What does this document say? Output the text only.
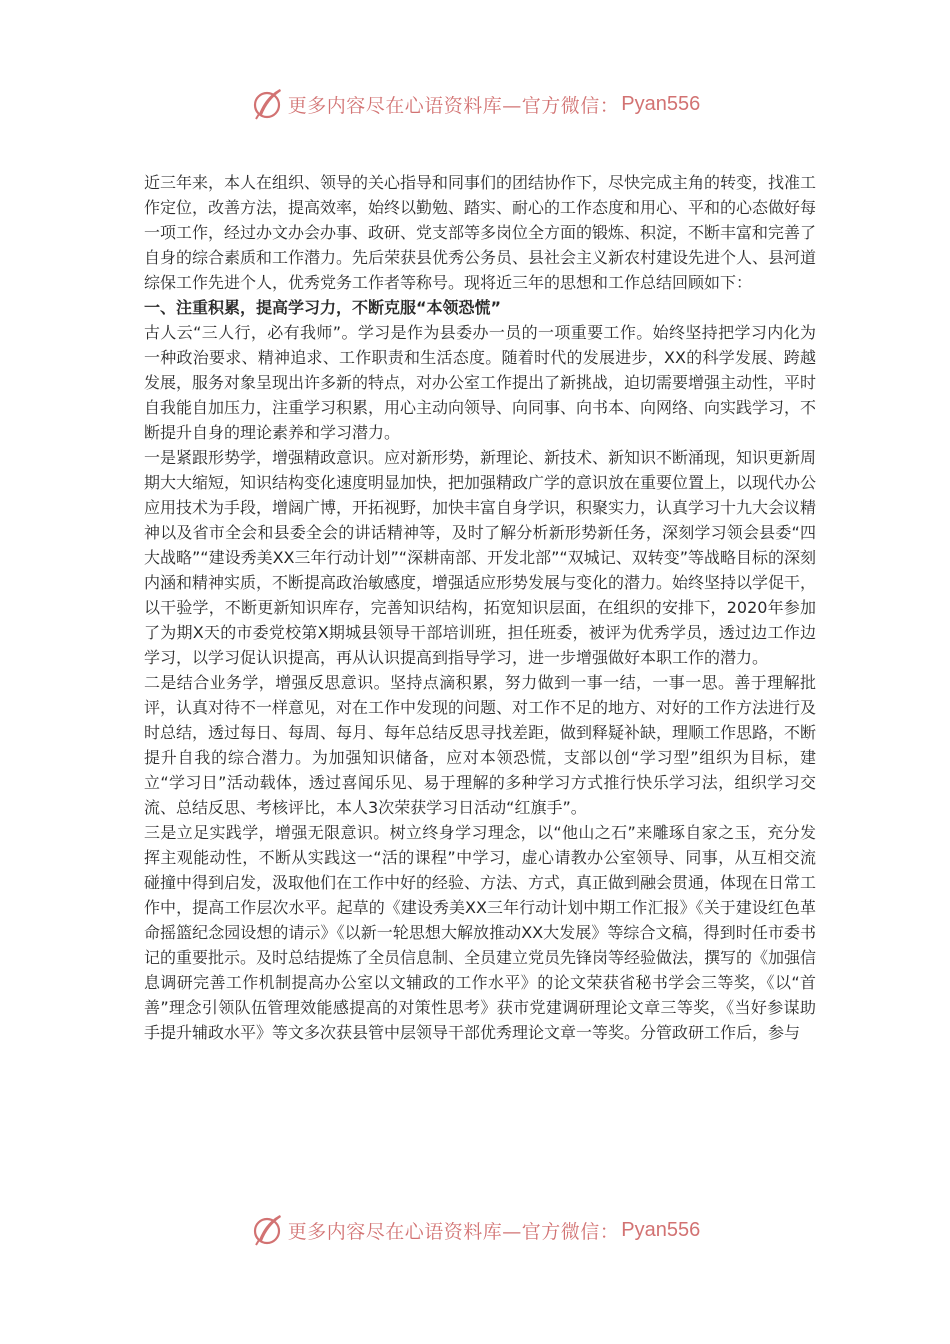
更多内容尽在心语资料库—官方微信： Pyan556

近三年来，本人在组织、领导的关心指导和同事们的团结协作下，尽快完成主角的转变，找准工作定位，改善方法，提高效率，始终以勤勉、踏实、耐心的工作态度和用心、平和的心态做好每一项工作，经过办文办会办事、政研、党支部等多岗位全方面的锻炼、积淀，不断丰富和完善了自身的综合素质和工作潜力。先后荣获县优秀公务员、县社会主义新农村建设先进个人、县河道综保工作先进个人，优秀党务工作者等称号。现将近三年的思想和工作总结回顾如下：

一、注重积累，提高学习力，不断克服“本领恐慌”

古人云“三人行，必有我师”。学习是作为县委办一员的一项重要工作。始终坚持把学习内化为一种政治要求、精神追求、工作职责和生活态度。随着时代的发展进步，XX的科学发展、跨越发展，服务对象呈现出许多新的特点，对办公室工作提出了新挑战，迫切需要增强主动性，平时自我能自加压力，注重学习积累，用心主动向领导、向同事、向书本、向网络、向实践学习，不断提升自身的理论素养和学习潜力。

一是紧跟形势学，增强精政意识。应对新形势，新理论、新技术、新知识不断涌现，知识更新周期大大缩短，知识结构变化速度明显加快，把加强精政广学的意识放在重要位置上，以现代办公应用技术为手段，增阔广博，开拓视野，加快丰富自身学识，积聚实力，认真学习十九大会议精神以及省市全会和县委全会的讲话精神等，及时了解分析新形势新任务，深刻学习领会县委“四大战略”“建设秀美XX三年行动计划”“深耕南部、开发北部”“双城记、双转变”等战略目标的深刻内涵和精神实质，不断提高政治敏感度，增强适应形势发展与变化的潜力。始终坚持以学促干，以干验学，不断更新知识库存，完善知识结构，拓宽知识层面，在组织的安排下，2020年参加了为期X天的市委党校第X期城县领导干部培训班，担任班委，被评为优秀学员，透过边工作边学习，以学习促认识提高，再从认识提高到指导学习，进一步增强做好本职工作的潜力。

二是结合业务学，增强反思意识。坚持点滴积累，努力做到一事一结，一事一思。善于理解批评，认真对待不一样意见，对在工作中发现的问题、对工作不足的地方、对好的工作方法进行及时总结，透过每日、每周、每月、每年总结反思寻找差距，做到释疑补缺，理顺工作思路，不断提升自我的综合潜力。为加强知识储备，应对本领恐慌，支部以创“学习型”组织为目标，建立“学习日”活动载体，透过喜闻乐见、易于理解的多种学习方式推行快乐学习法，组织学习交流、总结反思、考核评比，本人3次荣获学习日活动“红旗手”。

三是立足实践学，增强无限意识。树立终身学习理念，以“他山之石”来雕琢自家之玉，充分发挥主观能动性，不断从实践这一“活的课程”中学习，虚心请教办公室领导、同事，从互相交流碰撞中得到启发，汲取他们在工作中好的经验、方法、方式，真正做到融会贯通，体现在日常工作中，提高工作层次水平。起草的《建设秀美XX三年行动计划中期工作汇报》《关于建设红色革命摇篮纪念园设想的请示》《以新一轮思想大解放推动XX大发展》等综合文稿，得到时任市委书记的重要批示。及时总结提炼了全员信息制、全员建立党员先锋岗等经验做法，撰写的《加强信息调研完善工作机制提高办公室以文辅政的工作水平》的论文荣获省秘书学会三等奖，《以“首善”理念引领队伍管理效能感提高的对策性思考》获市党建调研理论文章三等奖，《当好参谋助手提升辅政水平》等文多次获县管中层领导干部优秀理论文章一等奖。分管政研工作后，参与

更多内容尽在心语资料库—官方微信： Pyan556
